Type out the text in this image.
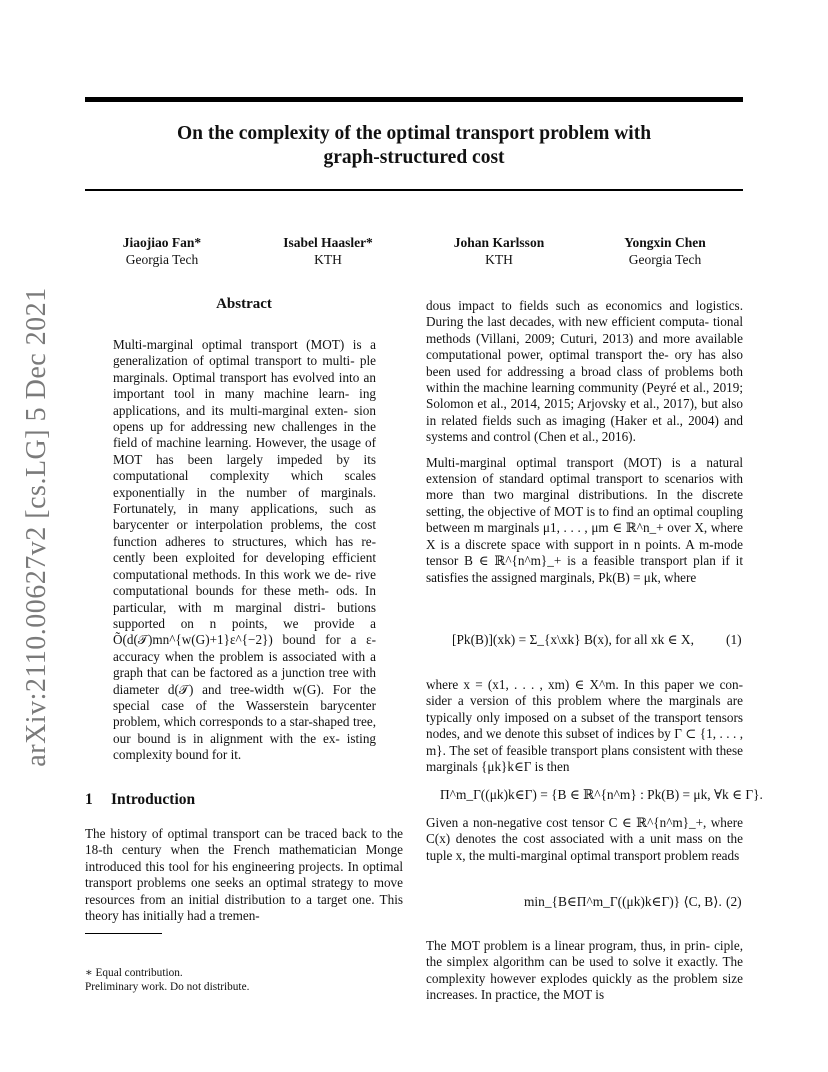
arXiv:2110.00627v2 [cs.LG] 5 Dec 2021
On the complexity of the optimal transport problem with
graph-structured cost
Jiaojiao Fan*
Georgia Tech
Isabel Haasler*
KTH
Johan Karlsson
KTH
Yongxin Chen
Georgia Tech
Abstract

Multi-marginal optimal transport (MOT) is a generalization of optimal transport to multi- ple marginals. Optimal transport has evolved into an important tool in many machine learn- ing applications, and its multi-marginal exten- sion opens up for addressing new challenges in the field of machine learning. However, the usage of MOT has been largely impeded by its computational complexity which scales exponentially in the number of marginals. Fortunately, in many applications, such as barycenter or interpolation problems, the cost function adheres to structures, which has re- cently been exploited for developing efficient computational methods. In this work we de- rive computational bounds for these meth- ods. In particular, with m marginal distri- butions supported on n points, we provide a Õ(d(𝒯)mn^{w(G)+1}ε^{−2}) bound for a ε-accuracy when the problem is associated with a graph that can be factored as a junction tree with diameter d(𝒯) and tree-width w(G). For the special case of the Wasserstein barycenter problem, which corresponds to a star-shaped tree, our bound is in alignment with the ex- isting complexity bound for it.

1 Introduction

The history of optimal transport can be traced back to the 18-th century when the French mathematician Monge introduced this tool for his engineering projects. In optimal transport problems one seeks an optimal strategy to move resources from an initial distribution to a target one. This theory has initially had a tremen-

∗ Equal contribution.
Preliminary work. Do not distribute.

dous impact to fields such as economics and logistics. During the last decades, with new efficient computa- tional methods (Villani, 2009; Cuturi, 2013) and more available computational power, optimal transport the- ory has also been used for addressing a broad class of problems both within the machine learning community (Peyré et al., 2019; Solomon et al., 2014, 2015; Arjovsky et al., 2017), but also in related fields such as imaging (Haker et al., 2004) and systems and control (Chen et al., 2016).

Multi-marginal optimal transport (MOT) is a natural extension of standard optimal transport to scenarios with more than two marginal distributions. In the discrete setting, the objective of MOT is to find an optimal coupling between m marginals μ1, . . . , μm ∈ ℝ^n_+ over X, where X is a discrete space with support in n points. A m-mode tensor B ∈ ℝ^{n^m}_+ is a feasible transport plan if it satisfies the assigned marginals, Pk(B) = μk, where

[Pk(B)](xk) = Σ_{x\xk} B(x), for all xk ∈ X, (1)

where x = (x1, . . . , xm) ∈ X^m. In this paper we con- sider a version of this problem where the marginals are typically only imposed on a subset of the transport tensors nodes, and we denote this subset of indices by Γ ⊂ {1, . . . , m}. The set of feasible transport plans consistent with these marginals {μk}k∈Γ is then

Π^m_Γ((μk)k∈Γ) = {B ∈ ℝ^{n^m} : Pk(B) = μk, ∀k ∈ Γ}.

Given a non-negative cost tensor C ∈ ℝ^{n^m}_+, where C(x) denotes the cost associated with a unit mass on the tuple x, the multi-marginal optimal transport problem reads

min_{B∈Π^m_Γ((μk)k∈Γ)} ⟨C, B⟩. (2)

The MOT problem is a linear program, thus, in prin- ciple, the simplex algorithm can be used to solve it exactly. The complexity however explodes quickly as the problem size increases. In practice, the MOT is
